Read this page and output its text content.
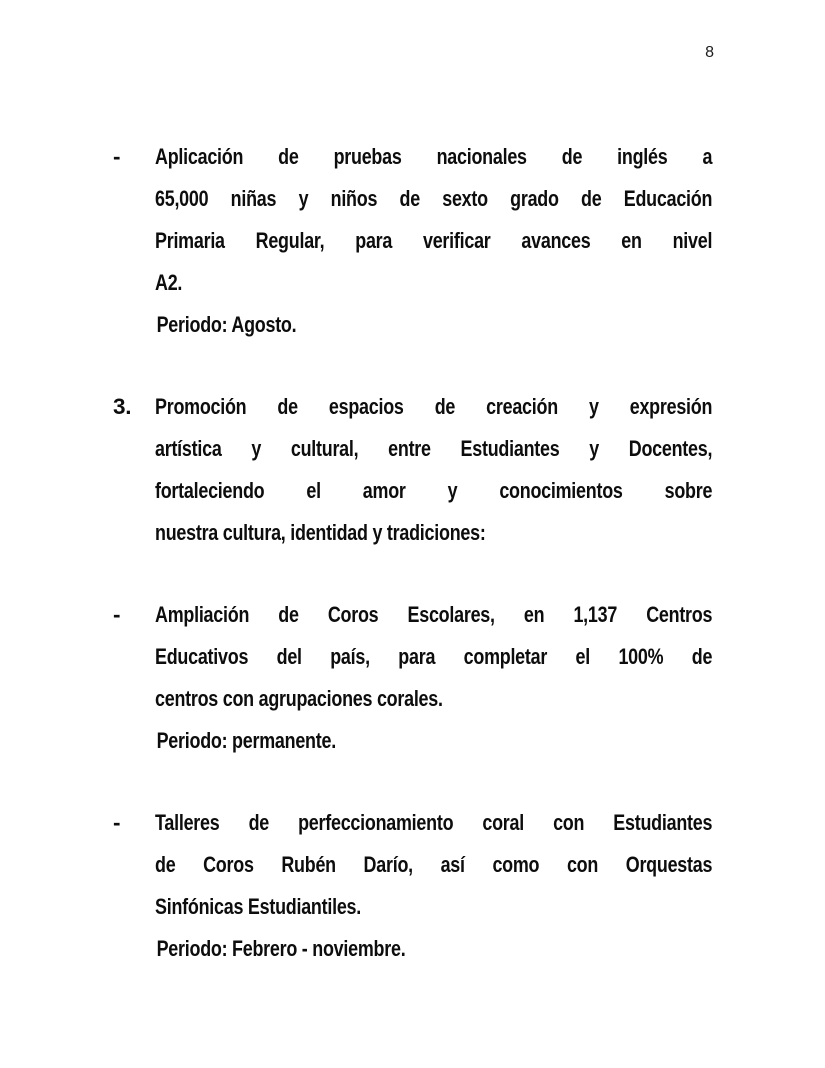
8
-	Aplicación de pruebas nacionales de inglés a
65,000 niñas y niños de sexto grado de Educación
Primaria Regular, para verificar avances en nivel
A2.
Periodo: Agosto.
3.	Promoción de espacios de creación y expresión
artística y cultural, entre Estudiantes y Docentes,
fortaleciendo el amor y conocimientos sobre
nuestra cultura, identidad y tradiciones:
-	Ampliación de Coros Escolares, en 1,137 Centros
Educativos del país, para completar el 100% de
centros con agrupaciones corales.
Periodo: permanente.
-	Talleres de perfeccionamiento coral con Estudiantes
de Coros Rubén Darío, así como con Orquestas
Sinfónicas Estudiantiles.
Periodo: Febrero - noviembre.
